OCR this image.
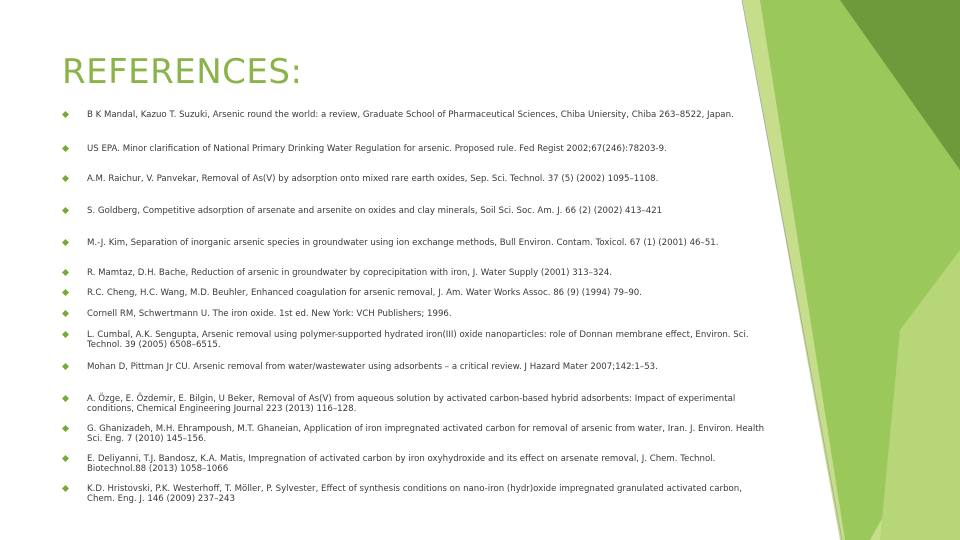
REFERENCES:
B K Mandal, Kazuo T. Suzuki, Arsenic round the world: a review, Graduate School of Pharmaceutical Sciences, Chiba Uniersity, Chiba 263–8522, Japan.
US EPA. Minor clarification of National Primary Drinking Water Regulation for arsenic. Proposed rule. Fed Regist 2002;67(246):78203-9.
A.M. Raichur, V. Panvekar, Removal of As(V) by adsorption onto mixed rare earth oxides, Sep. Sci. Technol. 37 (5) (2002) 1095–1108.
S. Goldberg, Competitive adsorption of arsenate and arsenite on oxides and clay minerals, Soil Sci. Soc. Am. J. 66 (2) (2002) 413–421
M.-J. Kim, Separation of inorganic arsenic species in groundwater using ion exchange methods, Bull Environ. Contam. Toxicol. 67 (1) (2001) 46–51.
R. Mamtaz, D.H. Bache, Reduction of arsenic in groundwater by coprecipitation with iron, J. Water Supply (2001) 313–324.
R.C. Cheng, H.C. Wang, M.D. Beuhler, Enhanced coagulation for arsenic removal, J. Am. Water Works Assoc. 86 (9) (1994) 79–90.
Cornell RM, Schwertmann U. The iron oxide. 1st ed. New York: VCH Publishers; 1996.
L. Cumbal, A.K. Sengupta, Arsenic removal using polymer-supported hydrated iron(III) oxide nanoparticles: role of Donnan membrane effect, Environ. Sci. Technol. 39 (2005) 6508–6515.
Mohan D, Pittman Jr CU. Arsenic removal from water/wastewater using adsorbents – a critical review. J Hazard Mater 2007;142:1–53.
A. Özge, E. Özdemir, E. Bilgin, U Beker, Removal of As(V) from aqueous solution by activated carbon-based hybrid adsorbents: Impact of experimental conditions, Chemical Engineering Journal 223 (2013) 116–128.
G. Ghanizadeh, M.H. Ehrampoush, M.T. Ghaneian, Application of iron impregnated activated carbon for removal of arsenic from water, Iran. J. Environ. Health Sci. Eng. 7 (2010) 145–156.
E. Deliyanni, T.J. Bandosz, K.A. Matis, Impregnation of activated carbon by iron oxyhydroxide and its effect on arsenate removal, J. Chem. Technol. Biotechnol.88 (2013) 1058–1066
K.D. Hristovski, P.K. Westerhoff, T. Möller, P. Sylvester, Effect of synthesis conditions on nano-iron (hydr)oxide impregnated granulated activated carbon, Chem. Eng. J. 146 (2009) 237–243
